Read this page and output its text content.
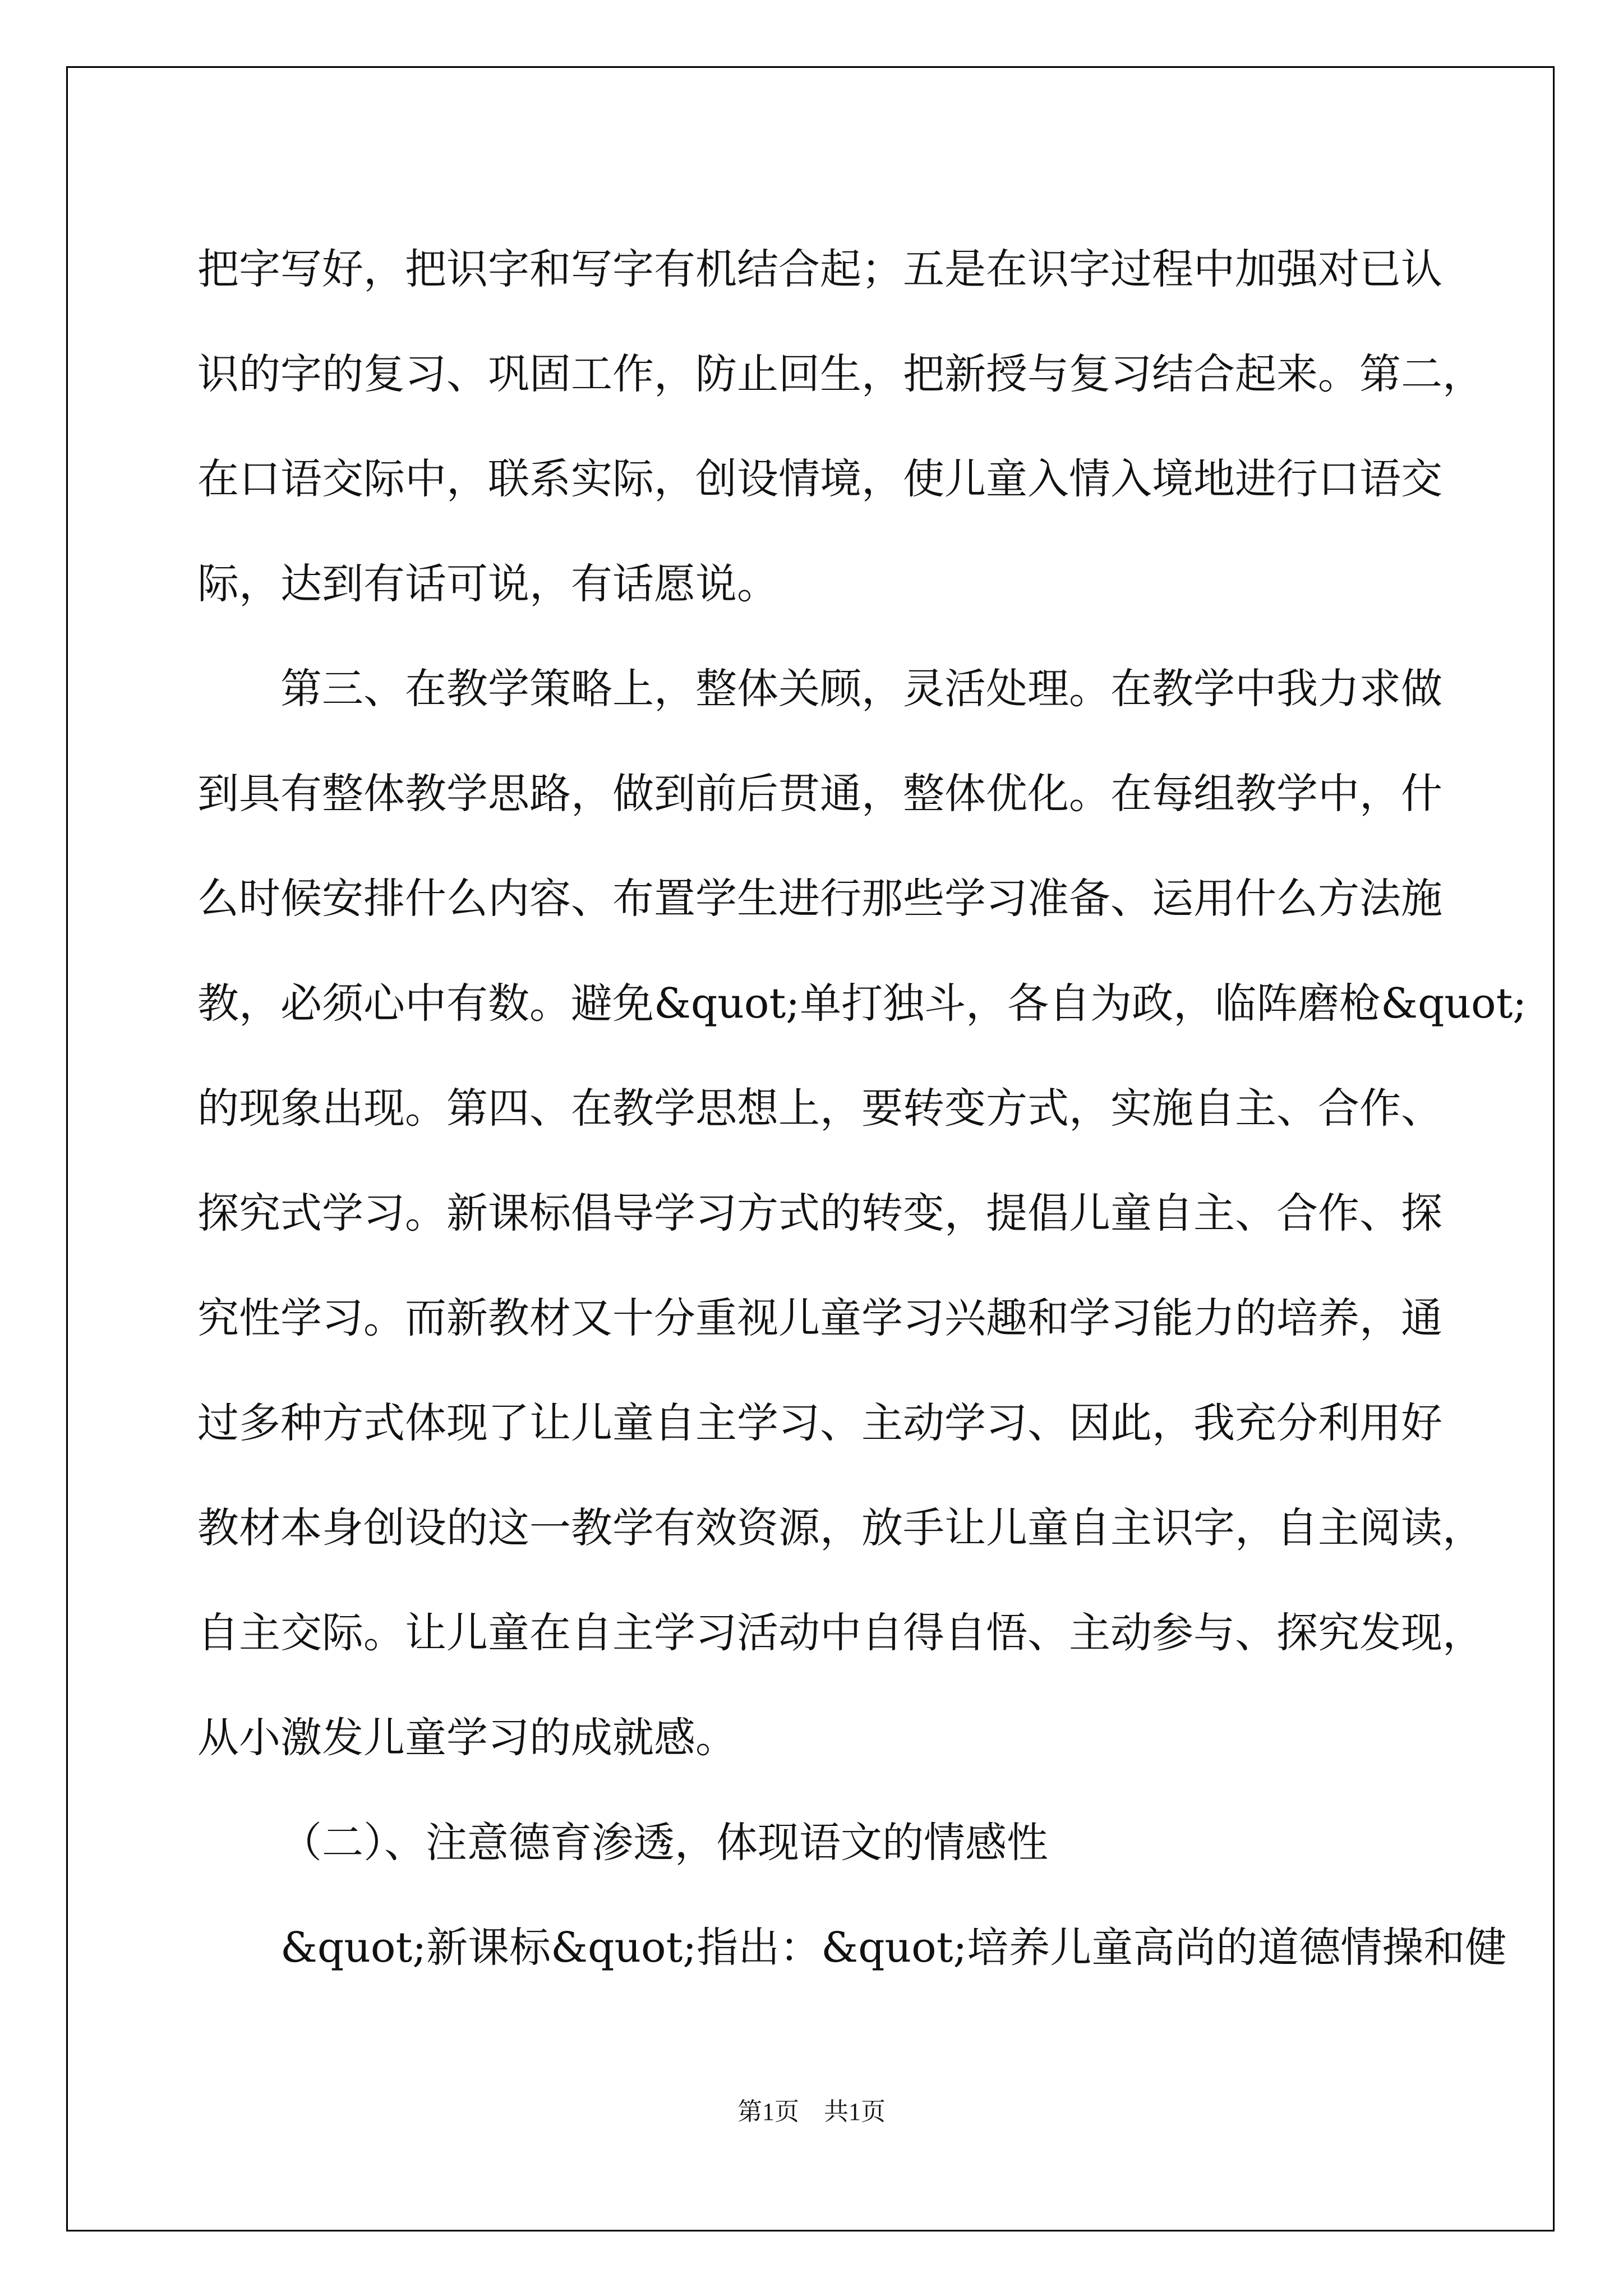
把字写好，把识字和写字有机结合起；五是在识字过程中加强对已认
识的字的复习、巩固工作，防止回生，把新授与复习结合起来。第二，
在口语交际中，联系实际，创设情境，使儿童入情入境地进行口语交
际，达到有话可说，有话愿说。
第三、在教学策略上，整体关顾，灵活处理。在教学中我力求做
到具有整体教学思路，做到前后贯通，整体优化。在每组教学中，什
么时候安排什么内容、布置学生进行那些学习准备、运用什么方法施
教，必须心中有数。避免&quot;单打独斗，各自为政，临阵磨枪&quot;
的现象出现。第四、在教学思想上，要转变方式，实施自主、合作、
探究式学习。新课标倡导学习方式的转变，提倡儿童自主、合作、探
究性学习。而新教材又十分重视儿童学习兴趣和学习能力的培养，通
过多种方式体现了让儿童自主学习、主动学习、因此，我充分利用好
教材本身创设的这一教学有效资源，放手让儿童自主识字，自主阅读，
自主交际。让儿童在自主学习活动中自得自悟、主动参与、探究发现，
从小激发儿童学习的成就感。
（二）、注意德育渗透，体现语文的情感性
&quot;新课标&quot;指出：&quot;培养儿童高尚的道德情操和健
第1页　共1页
